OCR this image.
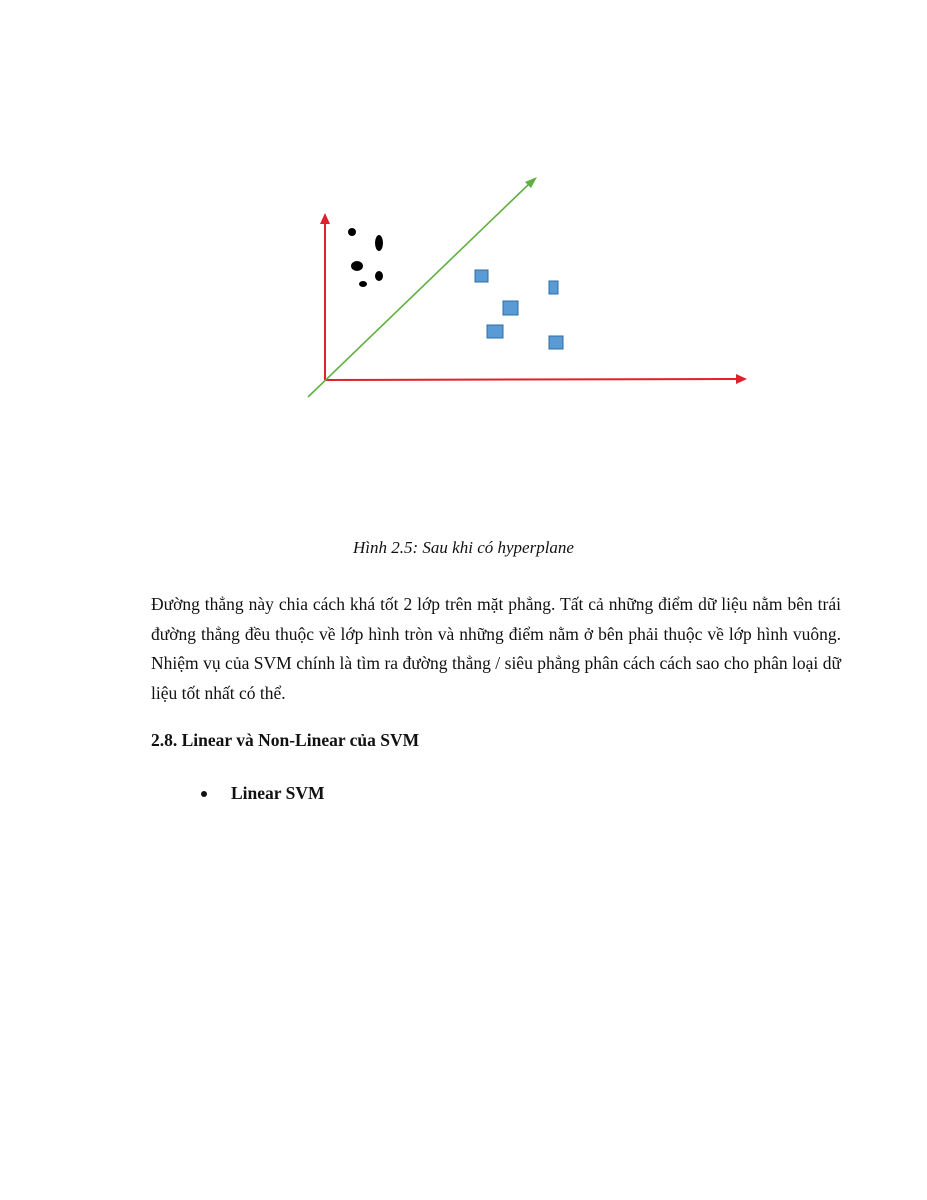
Hình 2.5: Sau khi có hyperplane

Đường thẳng này chia cách khá tốt 2 lớp trên mặt phẳng. Tất cả những điểm dữ liệu nằm bên trái đường thẳng đều thuộc về lớp hình tròn và những điểm nằm ở bên phải thuộc về lớp hình vuông. Nhiệm vụ của SVM chính là tìm ra đường thẳng / siêu phẳng phân cách cách sao cho phân loại dữ liệu tốt nhất có thể.

2.8. Linear và Non-Linear của SVM
Linear SVM
